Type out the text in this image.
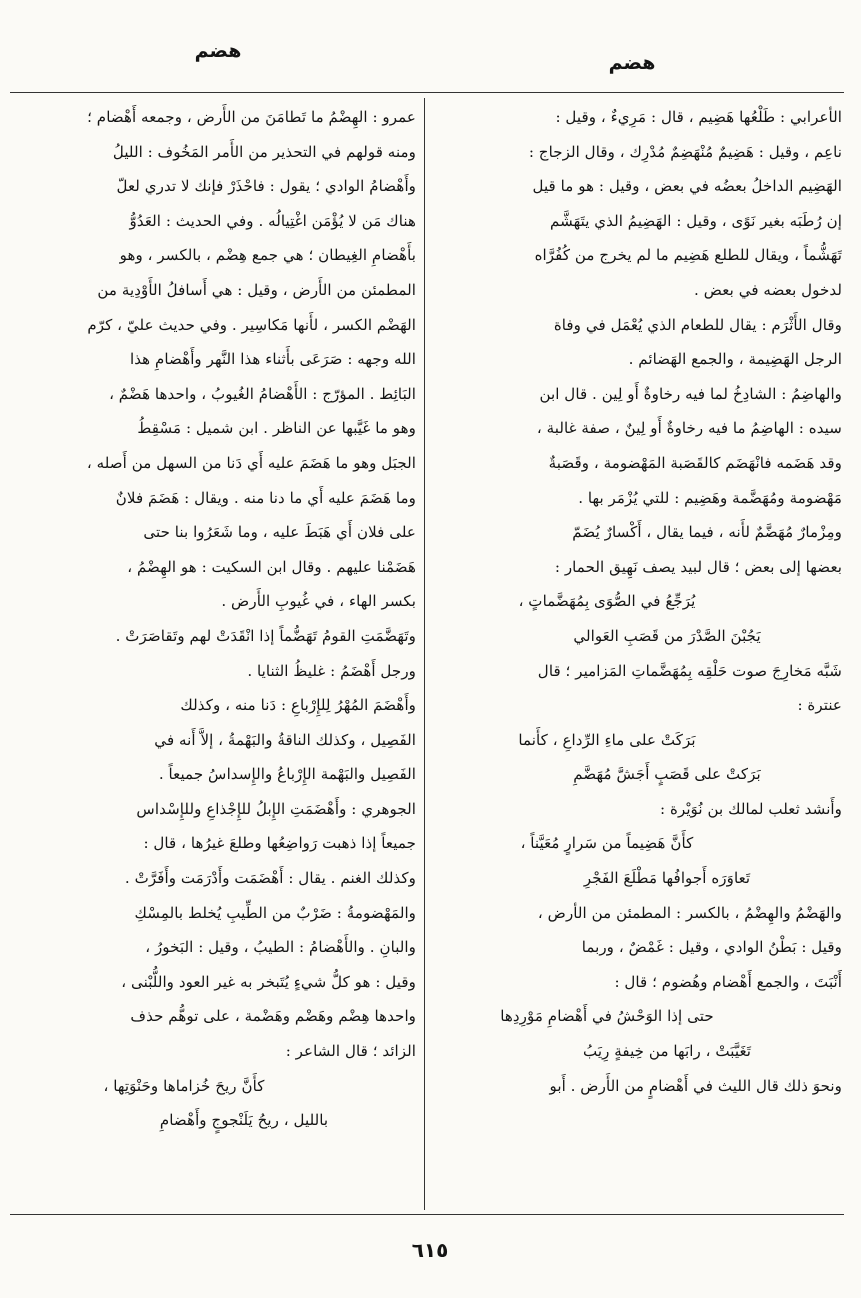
هضم
هضم
الأعرابي : طَلْعُها هَضِيم ، قال : مَرِيءٌ ، وقيل :
ناعِم ، وقيل : هَضِيمٌ مُنْهَضِمٌ مُدْرِك ، وقال الزجاج :
الهَضِيم الداخلُ بعضُه في بعض ، وقيل : هو ما قيل
إن رُطَبَه بغير نَوًى ، وقيل : الهَضِيمُ الذي يتَهَشَّم
تَهَشُّماً ، ويقال للطلع هَضِيم ما لم يخرج من كُفُرَّاه
لدخول بعضه في بعض .
وقال الأَثْرَم : يقال للطعام الذي يُعْمَل في وفاة
الرجل الهَضِيمة ، والجمع الهَضائم .
والهاضِمُ : الشادِخُ لما فيه رخاوةٌ أَو لِين . قال ابن
سيده : الهاضِمُ ما فيه رخاوةٌ أَو لِينٌ ، صفة غالبة ،
وقد هَضَمه فانْهَضَم كالقَصَبة المَهْضومة ، وقَصَبةٌ
مَهْضومة ومُهَضَّمة وهَضِيم : للتي يُزْمَر بها .
ومِزْمارٌ مُهَضَّمٌ لأَنه ، فيما يقال ، أَكْسارٌ يُضَمّ
بعضها إلى بعض ؛ قال لبيد يصف نَهِيق الحمار :
يُرَجِّعُ في الصُّوَى بِمُهَضَّماتٍ ،
يَجُبْنَ الصَّدْرَ من قَصَبِ العَوالي
شَبَّه مَخارِجَ صوت حَلْقِه بِمُهَضَّماتِ المَزامير ؛ قال
عنترة :
بَرَكَتْ على ماءِ الرِّداعِ ، كأَنما
بَرَكتْ على قَصَبٍ أَجَشَّ مُهَضَّمِ
وأَنشد ثعلب لمالك بن نُوَيْرة :
كأَنَّ هَضِيماً من سَرارٍ مُعَيَّناً ،
تَعاوَرَه أَجوافُها مَطْلَعَ الفَجْرِ
والهَضْمُ والهِضْمُ ، بالكسر : المطمئن من الأرض ،
وقيل : بَطْنُ الوادي ، وقيل : غَمْضٌ ، وربما
أَنْبَتَ ، والجمع أَهْضام وهُضوم ؛ قال :
حتى إذا الوَحْشُ في أَهْضامِ مَوْرِدِها
تَغَيَّبَتْ ، رابَها من خِيفةٍ رِيَبُ
ونحوَ ذلك قال الليث في أَهْضامٍ من الأَرض . أَبو
عمرو : الهِضْمُ ما تَطامَنَ من الأَرض ، وجمعه أَهْضام ؛
ومنه قولهم في التحذير من الأَمر المَخُوف : الليلُ
وأَهْضامُ الوادي ؛ يقول : فاحْذَرْ فإنك لا تدري لعلّ
هناك مَن لا يُؤْمَن اغْتِيالُه . وفي الحديث : العَدُوُّ
بأَهْضامِ الغِيطان ؛ هي جمع هِضْم ، بالكسر ، وهو
المطمئن من الأَرض ، وقيل : هي أَسافلُ الأَوْدِية من
الهَضْم الكسر ، لأَنها مَكاسِير . وفي حديث عليّ ، كرّم
الله وجهه : صَرَعَى بأَثناء هذا النَّهر وأَهْضامِ هذا
البَائِط . المؤرّج : الأَهْضامُ الغُيوبُ ، واحدها هَضْمٌ ،
وهو ما غَيَّبها عن الناظر . ابن شميل : مَسْقِطُ
الجبَل وهو ما هَضَمَ عليه أَي دَنا من السهل من أَصله ،
وما هَضَمَ عليه أَي ما دنا منه . ويقال : هَضَمَ فلانٌ
على فلان أَي هَبَطَ عليه ، وما شَعَرُوا بنا حتى
هَضَمْنا عليهم . وقال ابن السكيت : هو الهِضْمُ ،
بكسر الهاء ، في غُيوبِ الأَرض .
وتَهَضَّمَتِ القومُ تَهَضُّماً إذا انْقَدَتْ لهم وتَقاصَرَتْ .
ورجل أَهْضَمُ : غليظُ الثنايا .
وأَهْضَمَ المُهْرُ لِلإِرْباعِ : دَنا منه ، وكذلك
الفَصِيل ، وكذلك الناقةُ والبَهْمةُ ، إلاَّ أَنه في
الفَصِيل والبَهْمة الإِرْباعُ والإِسداسُ جميعاً .
الجوهري : وأَهْضَمَتِ الإِبلُ للإِجْذاعِ وللإِسْداس
جميعاً إذا ذهبت رَواضِعُها وطلعَ غيرُها ، قال :
وكذلك الغنم . يقال : أَهْضَمَت وأَدْرَمَت وأَفَرَّتْ .
والمَهْضومةُ : ضَرْبٌ من الطِّيبِ يُخلط بالمِسْكِ
والبانِ . والأَهْضامُ : الطيبُ ، وقيل : البَخورُ ،
وقيل : هو كلُّ شيءٍ يُتَبخر به غير العود واللُّبْنى ،
واحدها هِضْم وهَضْم وهَضْمة ، على توهُّم حذف
الزائد ؛ قال الشاعر :
كأَنَّ ريحَ خُزاماها وحَنْوَتِها ،
بالليل ، ريحُ يَلَنْجوجٍ وأَهْضامِ
٦١٥
